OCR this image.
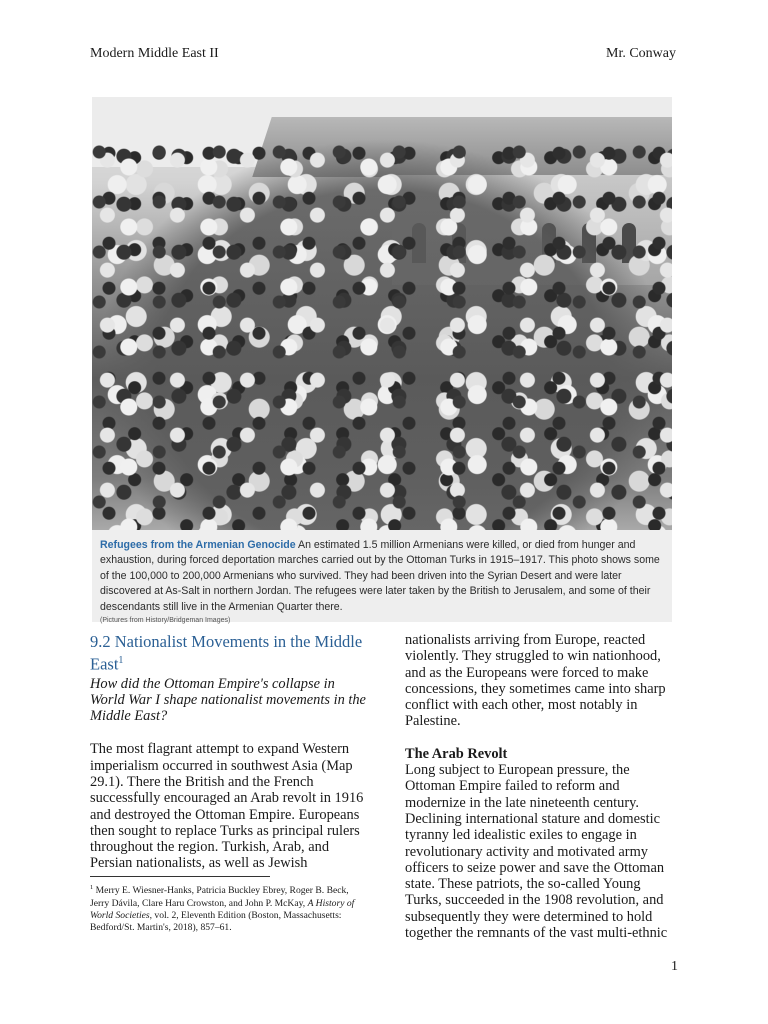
Modern Middle East II	Mr. Conway
Refugees from the Armenian Genocide An estimated 1.5 million Armenians were killed, or died from hunger and exhaustion, during forced deportation marches carried out by the Ottoman Turks in 1915–1917. This photo shows some of the 100,000 to 200,000 Armenians who survived. They had been driven into the Syrian Desert and were later discovered at As-Salt in northern Jordan. The refugees were later taken by the British to Jerusalem, and some of their descendants still live in the Armenian Quarter there.
(Pictures from History/Bridgeman Images)
9.2 Nationalist Movements in the Middle East$^1$

How did the Ottoman Empire's collapse in World War I shape nationalist movements in the Middle East?

The most flagrant attempt to expand Western imperialism occurred in southwest Asia (Map 29.1). There the British and the French successfully encouraged an Arab revolt in 1916 and destroyed the Ottoman Empire. Europeans then sought to replace Turks as principal rulers throughout the region. Turkish, Arab, and Persian nationalists, as well as Jewish

nationalists arriving from Europe, reacted violently. They struggled to win nationhood, and as the Europeans were forced to make concessions, they sometimes came into sharp conflict with each other, most notably in Palestine.

The Arab Revolt

Long subject to European pressure, the Ottoman Empire failed to reform and modernize in the late nineteenth century. Declining international stature and domestic tyranny led idealistic exiles to engage in revolutionary activity and motivated army officers to seize power and save the Ottoman state. These patriots, the so-called Young Turks, succeeded in the 1908 revolution, and subsequently they were determined to hold together the remnants of the vast multi-ethnic

$^1$ Merry E. Wiesner-Hanks, Patricia Buckley Ebrey, Roger B. Beck, Jerry Dávila, Clare Haru Crowston, and John P. McKay, A History of World Societies, vol. 2, Eleventh Edition (Boston, Massachusetts: Bedford/St. Martin's, 2018), 857–61.
1
